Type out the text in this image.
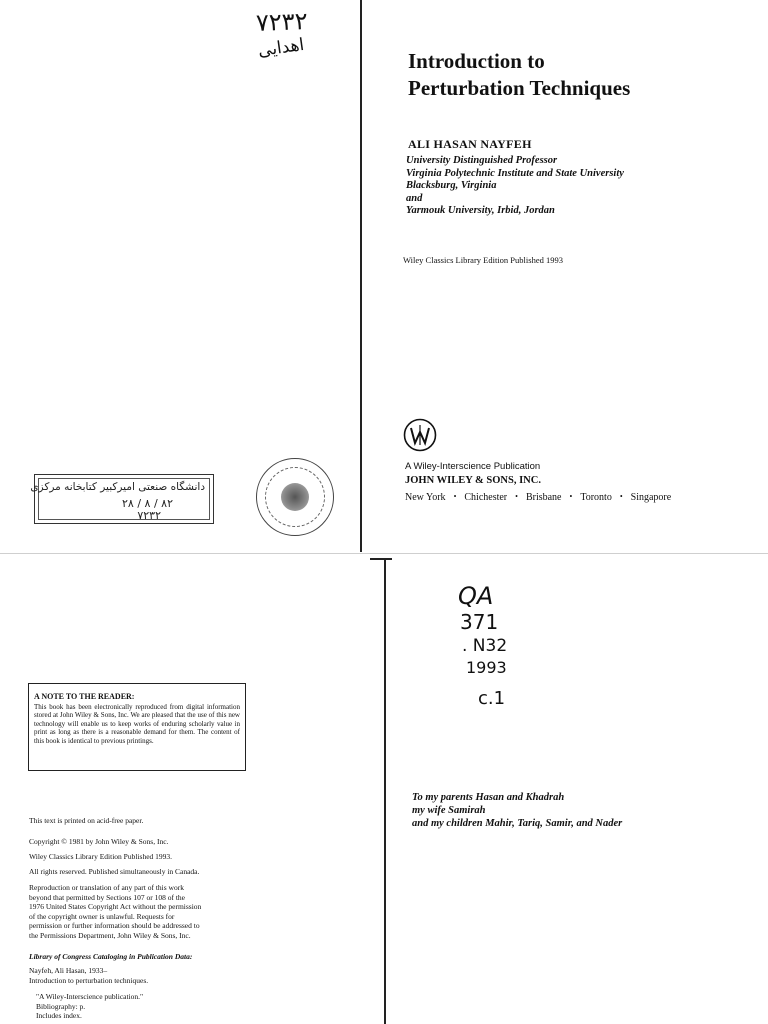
٧٢٣٢
اهدایی	Introduction to
Perturbation Techniques
ALI HASAN NAYFEH
University Distinguished Professor
Virginia Polytechnic Institute and State University
Blacksburg, Virginia
and
Yarmouk University, Irbid, Jordan
Wiley Classics Library Edition Published 1993
A Wiley-Interscience Publication
JOHN WILEY & SONS, INC.
New York • Chichester • Brisbane • Toronto • Singapore
دانشگاه صنعتی امیرکبیر کتابخانه مرکزی
۸۲ / ۸ / ۲۸
٧٢٣٢
A NOTE TO THE READER:
This book has been electronically reproduced from digital information stored at John Wiley & Sons, Inc. We are pleased that the use of this new technology will enable us to keep works of enduring scholarly value in print as long as there is a reasonable demand for them. The content of this book is identical to previous printings.
This text is printed on acid-free paper.
Copyright © 1981 by John Wiley & Sons, Inc.
Wiley Classics Library Edition Published 1993.
All rights reserved. Published simultaneously in Canada.
Reproduction or translation of any part of this work
beyond that permitted by Sections 107 or 108 of the
1976 United States Copyright Act without the permission
of the copyright owner is unlawful. Requests for
permission or further information should be addressed to
the Permissions Department, John Wiley & Sons, Inc.
Library of Congress Cataloging in Publication Data:
Nayfeh, Ali Hasan, 1933–
Introduction to perturbation techniques.
"A Wiley-Interscience publication."
Bibliography: p.
Includes index.
QA
371
. N32
1993
c.1
To my parents Hasan and Khadrah
my wife Samirah
and my children Mahir, Tariq, Samir, and Nader
